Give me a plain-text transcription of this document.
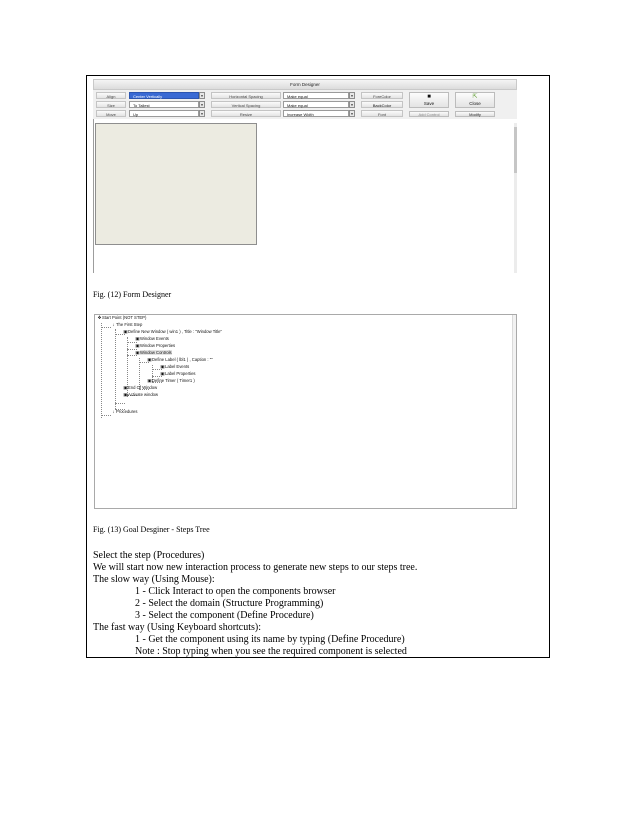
Form Designer
Align	Center Vertically	▾	Horizontal Spacing	Make equal	▾	ForeColor
Size	To Tallest	▾	Vertical Spacing	Make equal	▾	BackColor
Move	Up	▾	Resize	Increase Width	▾	Font
■
Save
⇱
Close
Add Control	Modify
Fig. (12) Form Designer
❖Start Point (NOT STEP)
↓The First Step
▣Define New Window ( win1 ) , Title : "Window Title"
▣Window Events
▣Window Properties
▣Window Controls
▣Define Label ( lbl1 ) , Caption : ""
▣Label Events
▣Label Properties
▣Define Timer ( Timer1 )
▣End Of Window
▣Activate window
↓Procedures
Fig. (13) Goal Desginer - Steps Tree
Select the step (Procedures)
We will start now new interaction process to generate new steps to our steps tree.
The slow way (Using Mouse):
1 - Click Interact to open the components browser
2 - Select the domain (Structure Programming)
3 - Select the component (Define Procedure)
The fast way (Using Keyboard shortcuts):
1 - Get the component using its name by typing (Define Procedure)
Note : Stop typing when you see the required component is selected
